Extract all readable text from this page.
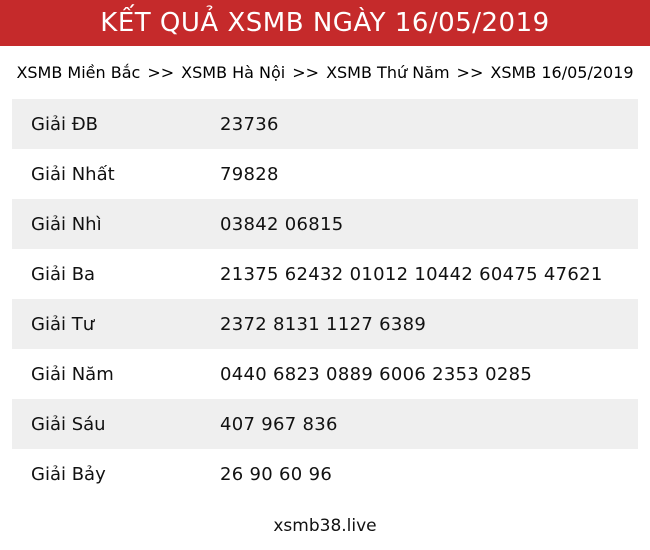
KẾT QUẢ XSMB NGÀY 16/05/2019
XSMB Miền Bắc >> XSMB Hà Nội >> XSMB Thứ Năm >> XSMB 16/05/2019
Giải ĐB	23736
Giải Nhất	79828
Giải Nhì	03842 06815
Giải Ba	21375 62432 01012 10442 60475 47621
Giải Tư	2372 8131 1127 6389
Giải Năm	0440 6823 0889 6006 2353 0285
Giải Sáu	407 967 836
Giải Bảy	26 90 60 96
xsmb38.live
